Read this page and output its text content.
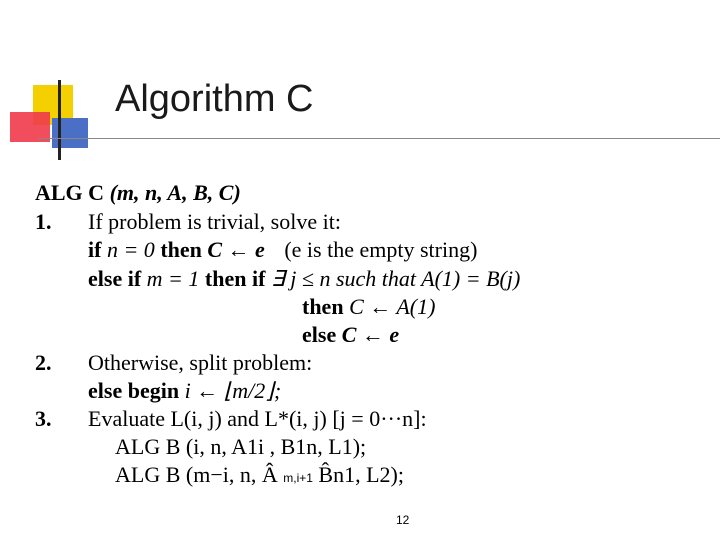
Algorithm C
ALG C (m, n, A, B, C)
1. If problem is trivial, solve it:
if n = 0 then C ← e (e is the empty string)
else if m = 1 then if ∃ j ≤ n such that A(1) = B(j)
then C ← A(1)
else C ← e
2. Otherwise, split problem:
else begin i ← ⌊m/2⌋;
3. Evaluate L(i, j) and L*(i, j) [j = 0···n]:
ALG B (i, n, A1i , B1n, L1);
ALG B (m−i, n, Â m,i+1 B̂n1, L2);
12
